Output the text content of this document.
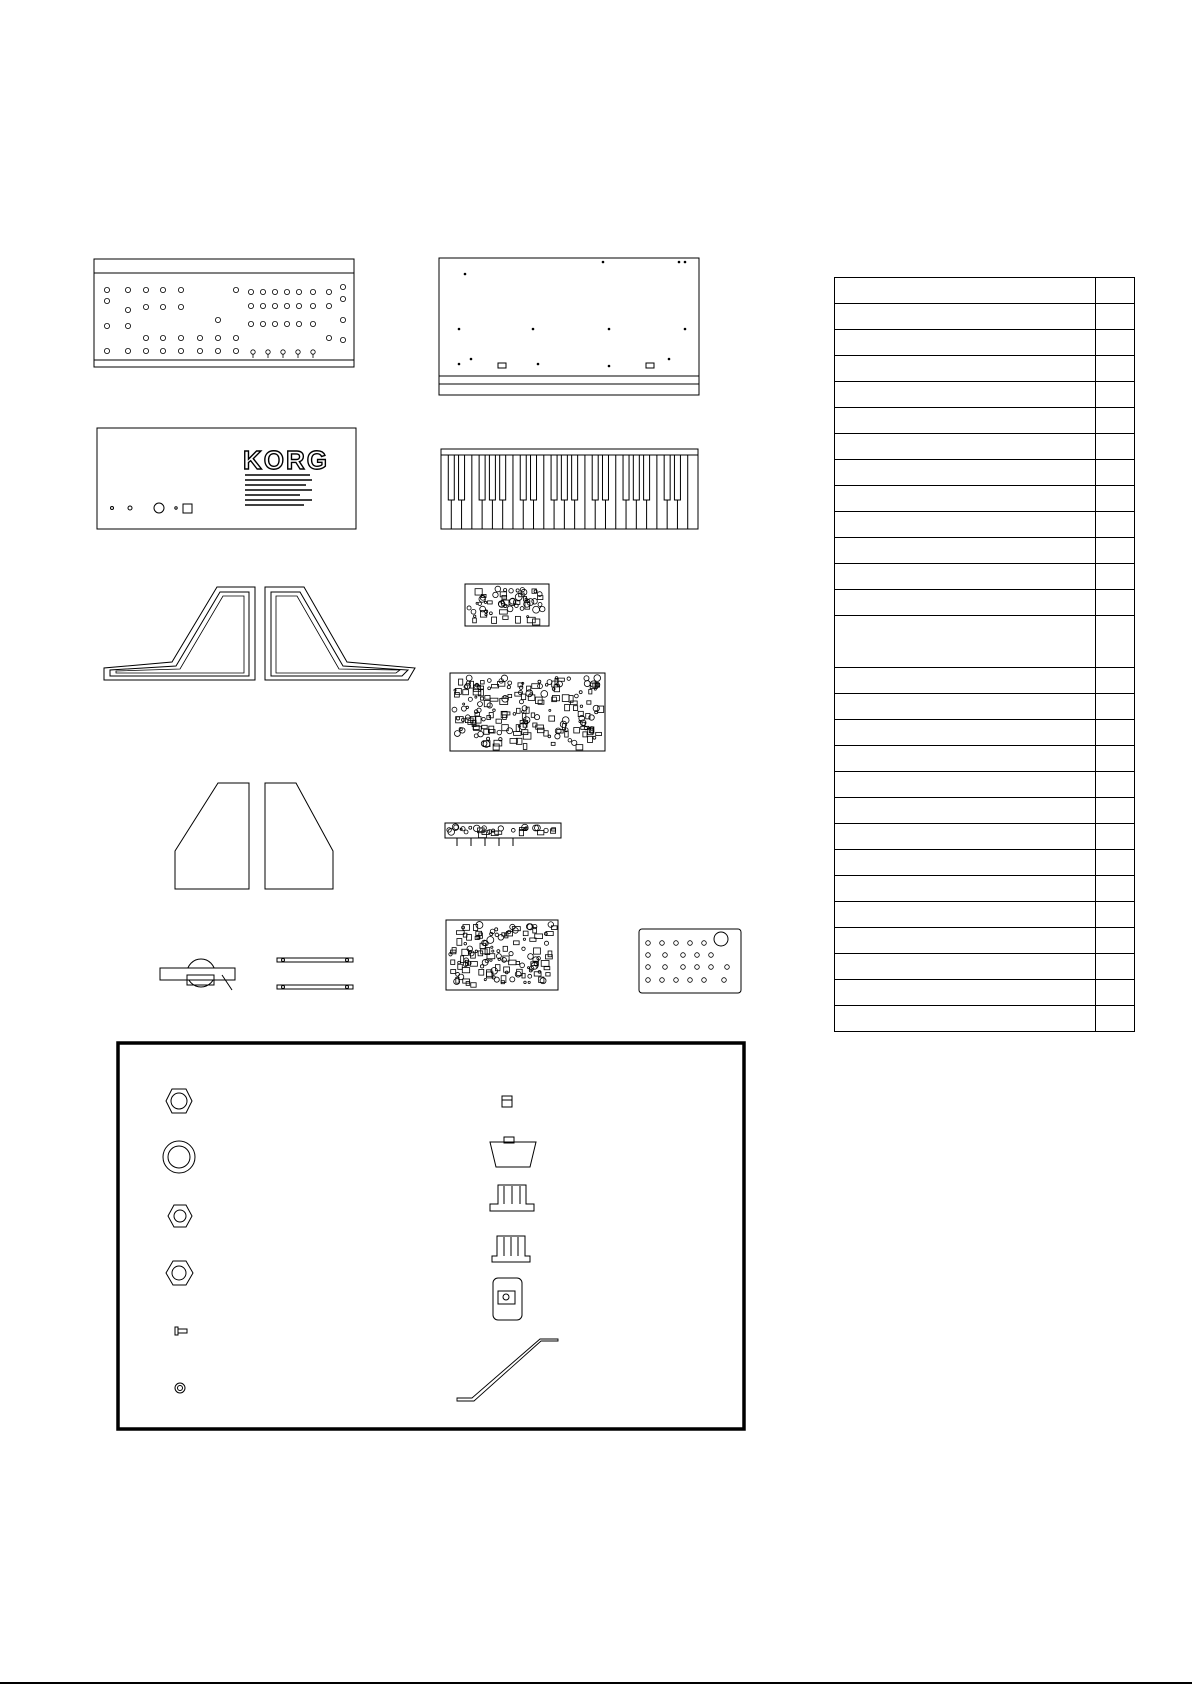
KORG
